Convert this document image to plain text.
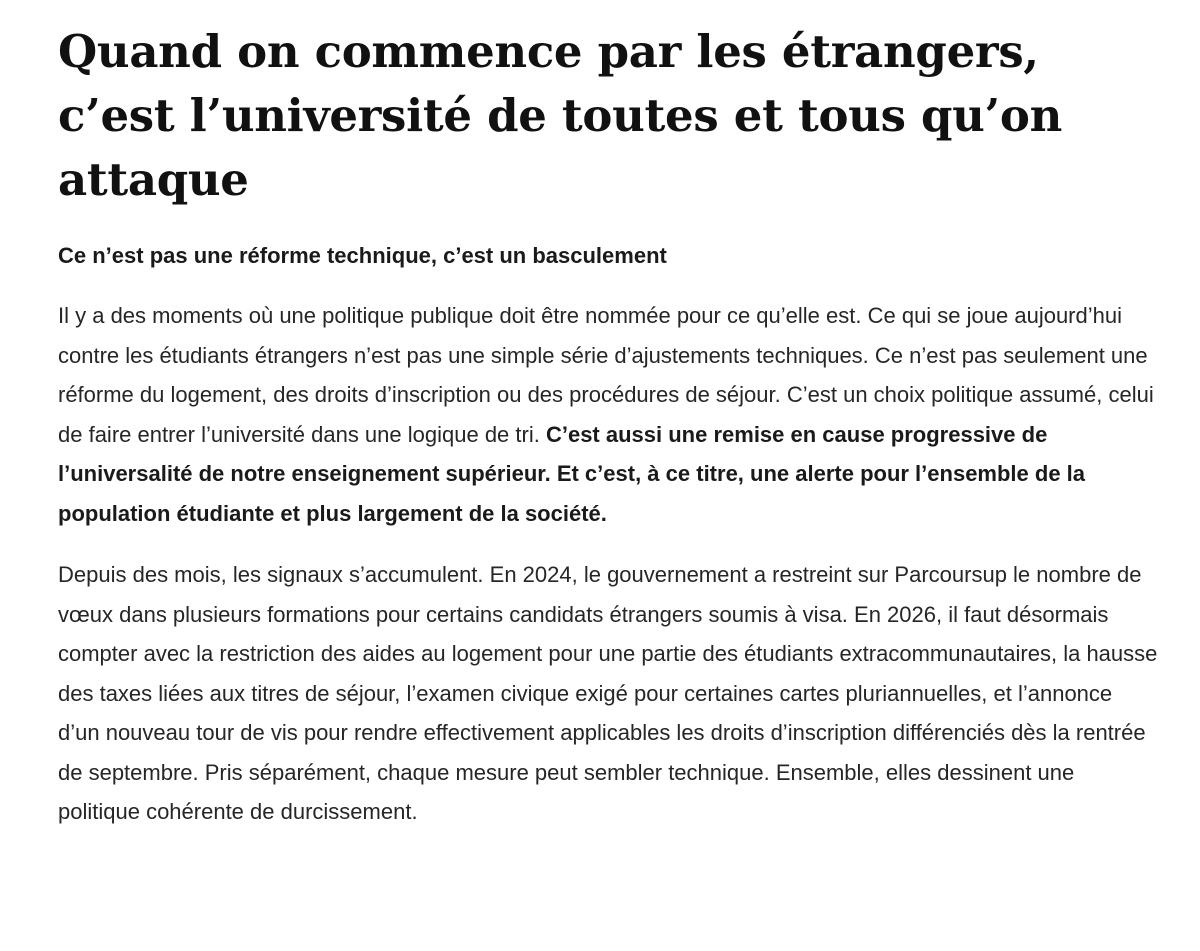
Quand on commence par les étrangers, c’est l’université de toutes et tous qu’on attaque

Ce n’est pas une réforme technique, c’est un basculement

Il y a des moments où une politique publique doit être nommée pour ce qu’elle est. Ce qui se joue aujourd’hui contre les étudiants étrangers n’est pas une simple série d’ajustements techniques. Ce n’est pas seulement une réforme du logement, des droits d’inscription ou des procédures de séjour. C’est un choix politique assumé, celui de faire entrer l’université dans une logique de tri. C’est aussi une remise en cause progressive de l’universalité de notre enseignement supérieur. Et c’est, à ce titre, une alerte pour l’ensemble de la population étudiante et plus largement de la société.

Depuis des mois, les signaux s’accumulent. En 2024, le gouvernement a restreint sur Parcoursup le nombre de vœux dans plusieurs formations pour certains candidats étrangers soumis à visa. En 2026, il faut désormais compter avec la restriction des aides au logement pour une partie des étudiants extracommunautaires, la hausse des taxes liées aux titres de séjour, l’examen civique exigé pour certaines cartes pluriannuelles, et l’annonce d’un nouveau tour de vis pour rendre effectivement applicables les droits d’inscription différenciés dès la rentrée de septembre. Pris séparément, chaque mesure peut sembler technique. Ensemble, elles dessinent une politique cohérente de durcissement.
